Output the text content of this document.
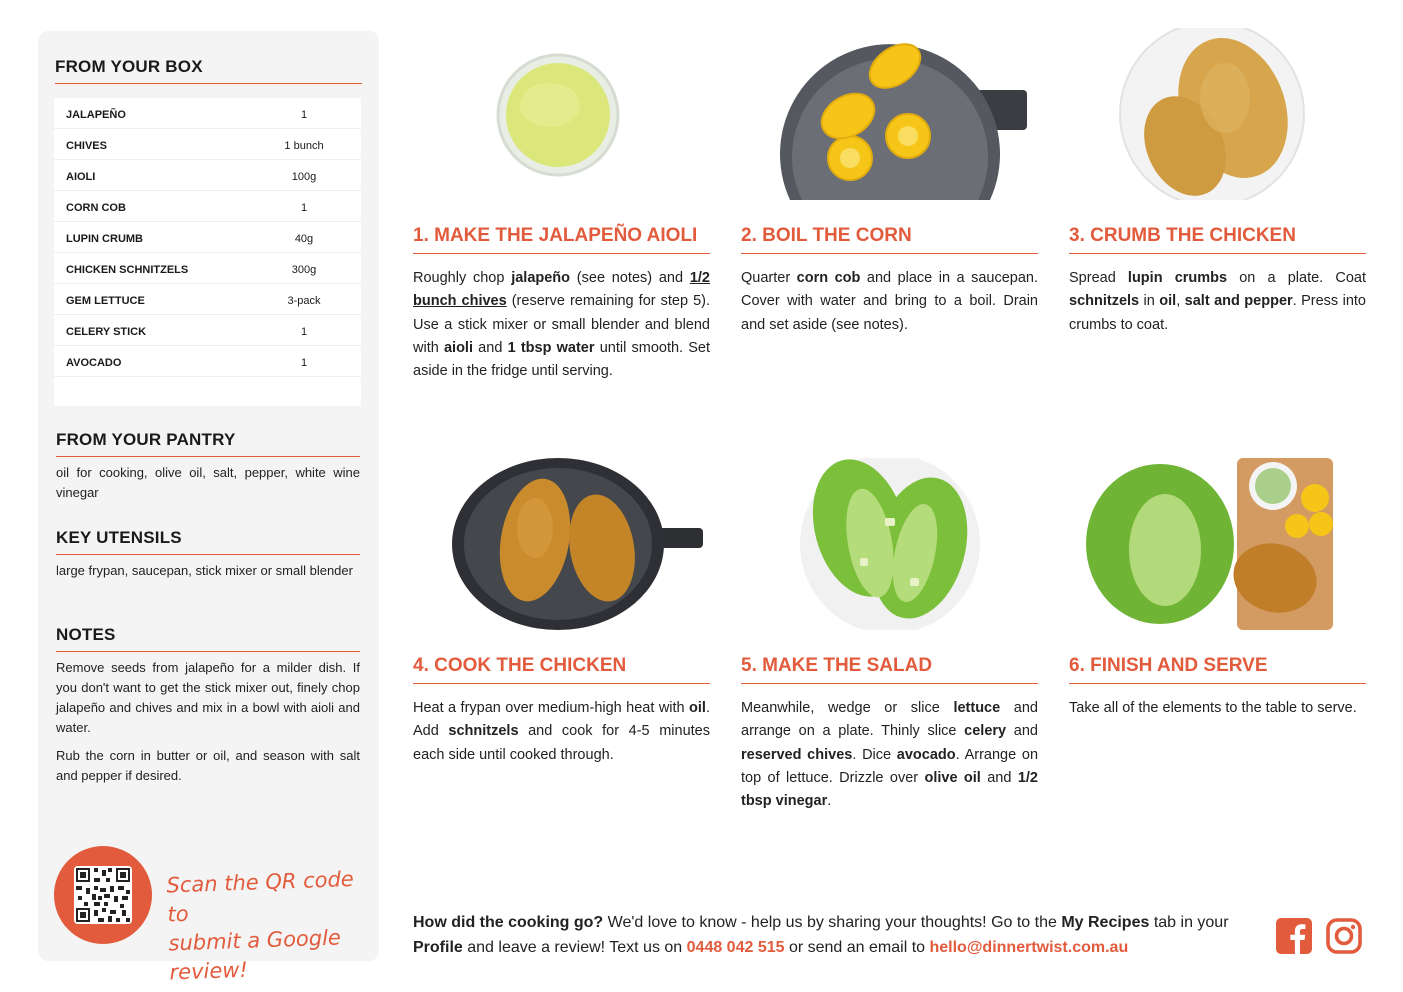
FROM YOUR BOX
JALAPEÑO	1
CHIVES	1 bunch
AIOLI	100g
CORN COB	1
LUPIN CRUMB	40g
CHICKEN SCHNITZELS	300g
GEM LETTUCE	3-pack
CELERY STICK	1
AVOCADO	1
FROM YOUR PANTRY
oil for cooking, olive oil, salt, pepper, white wine vinegar
KEY UTENSILS
large frypan, saucepan, stick mixer or small blender
NOTES
Remove seeds from jalapeño for a milder dish. If you don't want to get the stick mixer out, finely chop jalapeño and chives and mix in a bowl with aioli and water.
Rub the corn in butter or oil, and season with salt and pepper if desired.
Scan the QR code to
submit a Google review!
1. MAKE THE JALAPEÑO AIOLI
Roughly chop jalapeño (see notes) and 1/2 bunch chives (reserve remaining for step 5). Use a stick mixer or small blender and blend with aioli and 1 tbsp water until smooth. Set aside in the fridge until serving.
2. BOIL THE CORN
Quarter corn cob and place in a saucepan. Cover with water and bring to a boil. Drain and set aside (see notes).
3. CRUMB THE CHICKEN
Spread lupin crumbs on a plate. Coat schnitzels in oil, salt and pepper. Press into crumbs to coat.
4. COOK THE CHICKEN
Heat a frypan over medium-high heat with oil. Add schnitzels and cook for 4-5 minutes each side until cooked through.
5. MAKE THE SALAD
Meanwhile, wedge or slice lettuce and arrange on a plate. Thinly slice celery and reserved chives. Dice avocado. Arrange on top of lettuce. Drizzle over olive oil and 1/2 tbsp vinegar.
6. FINISH AND SERVE
Take all of the elements to the table to serve.
How did the cooking go? We'd love to know - help us by sharing your thoughts! Go to the My Recipes tab in your Profile and leave a review! Text us on 0448 042 515 or send an email to hello@dinnertwist.com.au
